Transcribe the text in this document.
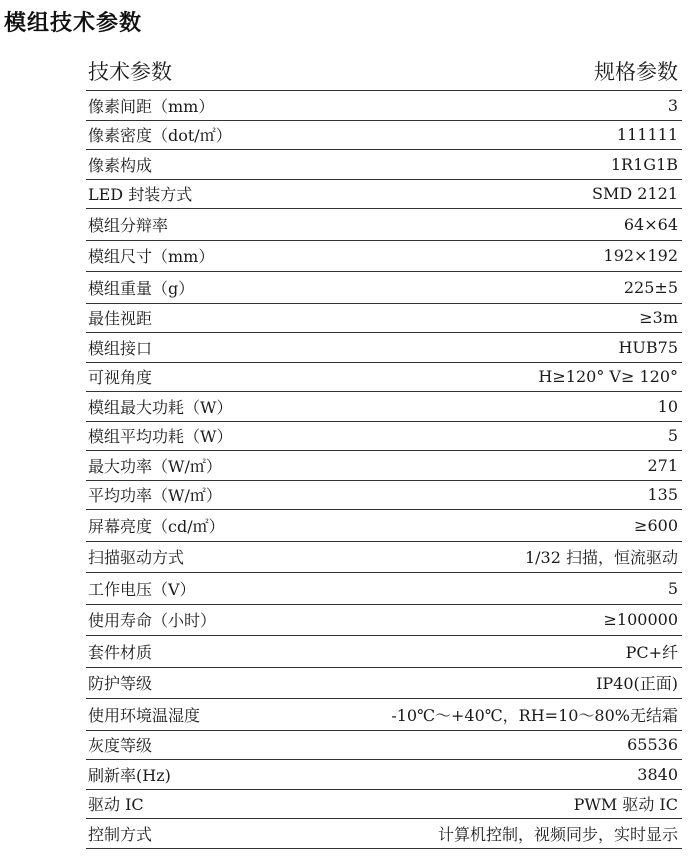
模组技术参数
技术参数	规格参数
像素间距（mm）	3
像素密度（dot/㎡）	111111
像素构成	1R1G1B
LED 封装方式	SMD 2121
模组分辩率	64×64
模组尺寸（mm）	192×192
模组重量（g）	225±5
最佳视距	≥3m
模组接口	HUB75
可视角度	H≥120° V≥ 120°
模组最大功耗（W）	10
模组平均功耗（W）	5
最大功率（W/㎡）	271
平均功率（W/㎡）	135
屏幕亮度（cd/㎡）	≥600
扫描驱动方式	1/32 扫描，恒流驱动
工作电压（V）	5
使用寿命（小时）	≥100000
套件材质	PC+纤
防护等级	IP40(正面)
使用环境温湿度	-10℃～+40℃，RH=10～80%无结霜
灰度等级	65536
刷新率(Hz)	3840
驱动 IC	PWM 驱动 IC
控制方式	计算机控制，视频同步，实时显示
